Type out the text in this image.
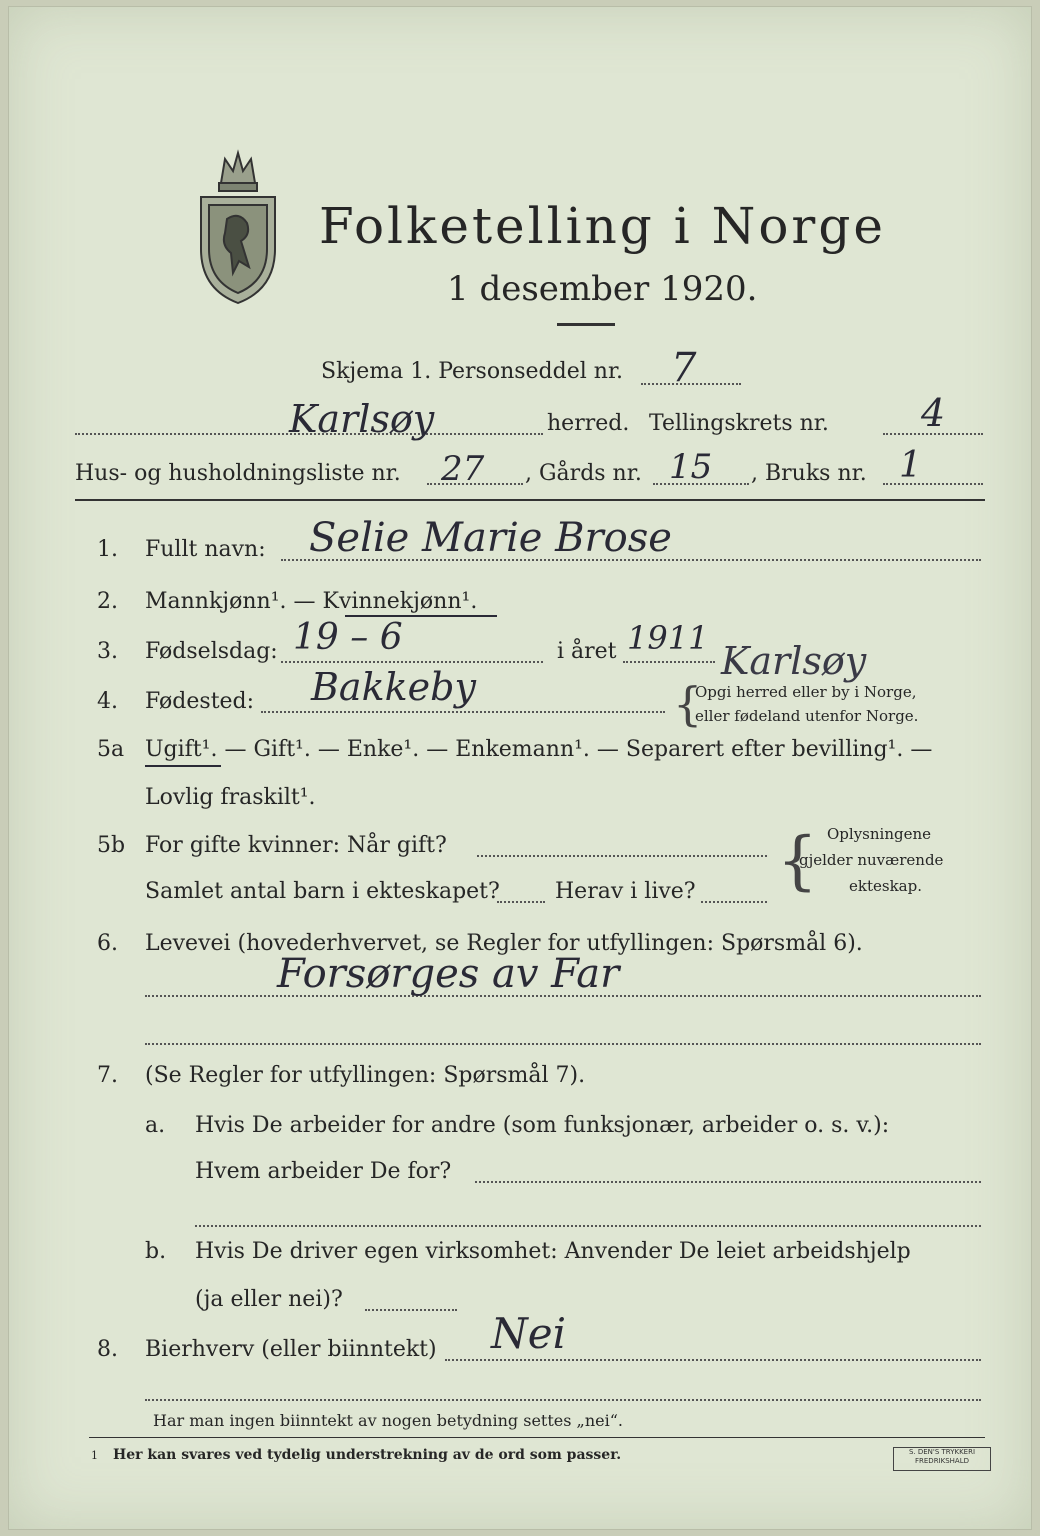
Folketelling i Norge
1 desember 1920.
Skjema 1. Personseddel nr. 7
Karlsøy	herred. Tellingskrets nr. 4
Hus- og husholdningsliste nr. 27 , Gårds nr. 15 , Bruks nr. 1
1. Fullt navn: Selie Marie Brose
2. Mannkjønn¹. — Kvinnekjønn¹.
3. Fødselsdag: 19 – 6	i året 1911
4. Fødested: Bakkeby	{
Opgi herred eller by i Norge,
eller fødeland utenfor Norge.
Karlsøy
5a Ugift¹. — Gift¹. — Enke¹. — Enkemann¹. — Separert efter bevilling¹. —
Lovlig fraskilt¹.
5b For gifte kvinner: Når gift?
Samlet antal barn i ekteskapet?	Herav i live? { Oplysningene
gjelder nuværende
ekteskap.
6. Levevei (hovederhvervet, se Regler for utfyllingen: Spørsmål 6).
Forsørges av Far
7. (Se Regler for utfyllingen: Spørsmål 7).
a. Hvis De arbeider for andre (som funksjonær, arbeider o. s. v.):
Hvem arbeider De for?
b. Hvis De driver egen virksomhet: Anvender De leiet arbeidshjelp
(ja eller nei)?
8. Bierhverv (eller biinntekt) Nei
Har man ingen biinntekt av nogen betydning settes „nei“.
1 Her kan svares ved tydelig understrekning av de ord som passer.	S. DEN'S TRYKKERI
FREDRIKSHALD
